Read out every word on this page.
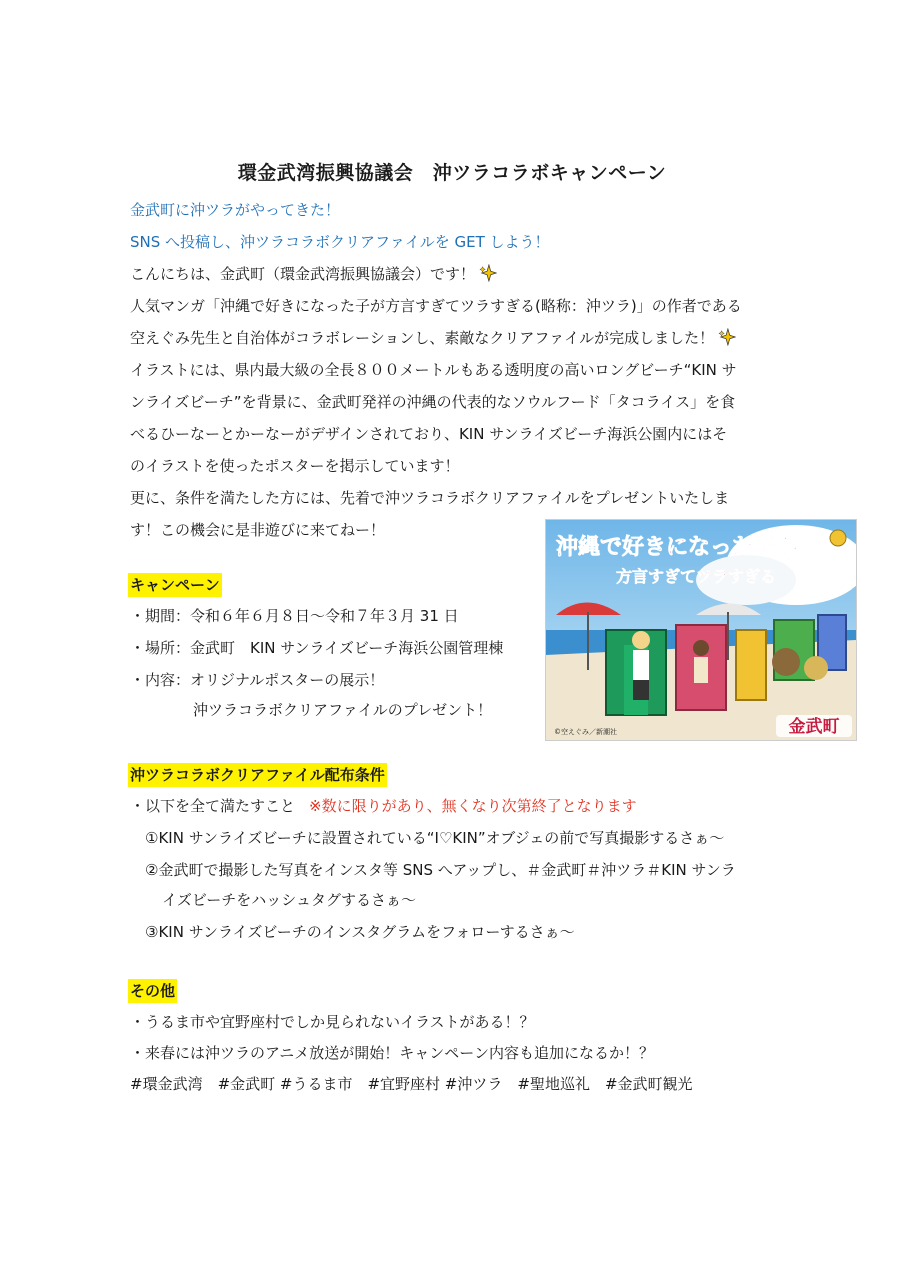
環金武湾振興協議会　沖ツラコラボキャンペーン
金武町に沖ツラがやってきた！
SNS へ投稿し、沖ツラコラボクリアファイルを GET しよう！
こんにちは、金武町（環金武湾振興協議会）です！
人気マンガ「沖縄で好きになった子が方言すぎてツラすぎる(略称：沖ツラ)」の作者である
空えぐみ先生と自治体がコラボレーションし、素敵なクリアファイルが完成しました！
イラストには、県内最大級の全長８００メートルもある透明度の高いロングビーチ“KIN サ
ンライズビーチ”を背景に、金武町発祥の沖縄の代表的なソウルフード「タコライス」を食
べるひーなーとかーなーがデザインされており、KIN サンライズビーチ海浜公園内にはそ
のイラストを使ったポスターを掲示しています！
更に、条件を満たした方には、先着で沖ツラコラボクリアファイルをプレゼントいたしま
す！この機会に是非遊びに来てねー！
キャンペーン
・期間：令和６年６月８日～令和７年３月 31 日
・場所：金武町　KIN サンライズビーチ海浜公園管理棟
・内容：オリジナルポスターの展示！
沖ツラコラボクリアファイルのプレゼント！
金武町
沖縄で好きになった子が
方言すぎてツラすぎる
©空えぐみ／新潮社
沖ツラコラボクリアファイル配布条件
・以下を全て満たすこと ※数に限りがあり、無くなり次第終了となります
①KIN サンライズビーチに設置されている“I♡KIN”オブジェの前で写真撮影するさぁ～
②金武町で撮影した写真をインスタ等 SNS へアップし、＃金武町＃沖ツラ＃KIN サンラ
イズビーチをハッシュタグするさぁ～
③KIN サンライズビーチのインスタグラムをフォローするさぁ～
その他
・うるま市や宜野座村でしか見られないイラストがある！？
・来春には沖ツラのアニメ放送が開始！キャンペーン内容も追加になるか！？
#環金武湾　#金武町 #うるま市　#宜野座村 #沖ツラ　#聖地巡礼　#金武町観光
